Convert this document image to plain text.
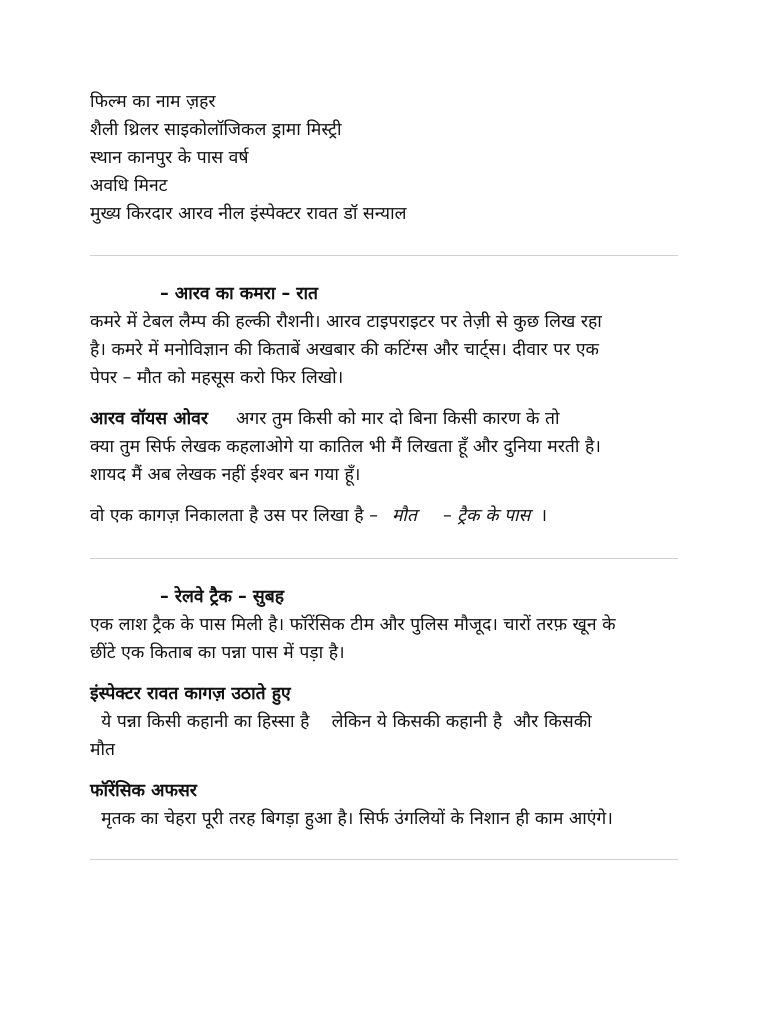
फिल्म का नाम ज़हर
शैली थ्रिलर साइकोलॉजिकल ड्रामा मिस्ट्री
स्थान कानपुर के पास वर्ष
अवधि मिनट
मुख्य किरदार आरव नील इंस्पेक्टर रावत डॉ सन्याल
– आरव का कमरा – रात
कमरे में टेबल लैम्प की हल्की रौशनी। आरव टाइपराइटर पर तेज़ी से कुछ लिख रहा
है। कमरे में मनोविज्ञान की किताबें अखबार की कटिंग्स और चार्ट्स। दीवार पर एक
पेपर – मौत को महसूस करो फिर लिखो।
आरव वॉयस ओवर अगर तुम किसी को मार दो बिना किसी कारण के तो
क्या तुम सिर्फ लेखक कहलाओगे या कातिल भी मैं लिखता हूँ और दुनिया मरती है।
शायद मैं अब लेखक नहीं ईश्वर बन गया हूँ।
वो एक कागज़ निकालता है उस पर लिखा है – मौत – ट्रैक के पास ।
– रेलवे ट्रैक – सुबह
एक लाश ट्रैक के पास मिली है। फॉरेंसिक टीम और पुलिस मौजूद। चारों तरफ़ खून के
छींटे एक किताब का पन्ना पास में पड़ा है।
इंस्पेक्टर रावत कागज़ उठाते हुए
ये पन्ना किसी कहानी का हिस्सा है    लेकिन ये किसकी कहानी है  और किसकी
मौत
फॉरेंसिक अफसर
मृतक का चेहरा पूरी तरह बिगड़ा हुआ है। सिर्फ उंगलियों के निशान ही काम आएंगे।
